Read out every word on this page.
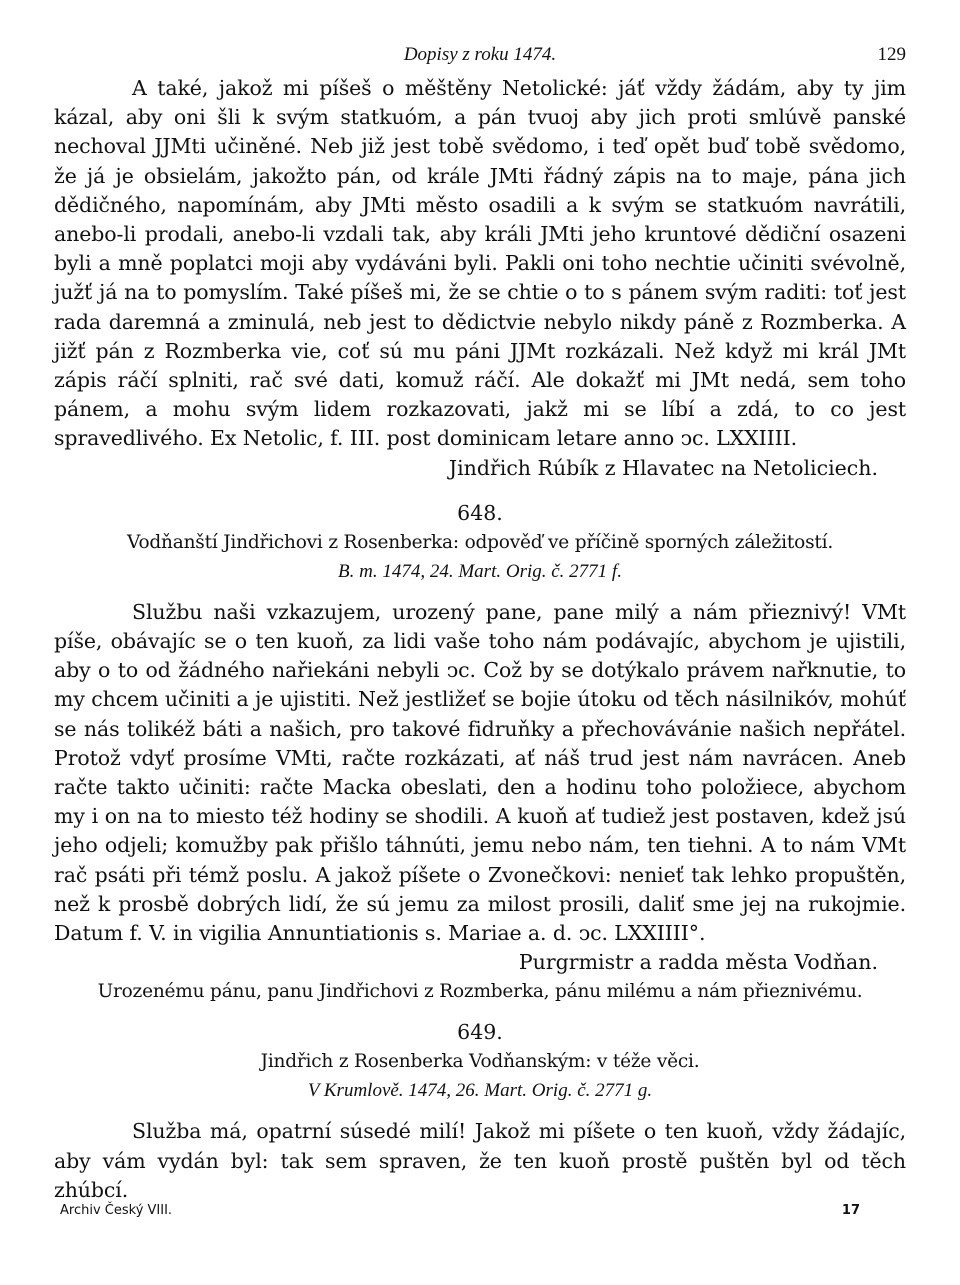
Dopisy z roku 1474.	129

A také, jakož mi píšeš o měštěny Netolické: jáť vždy žádám, aby ty jim kázal, aby oni šli k svým statkuóm, a pán tvuoj aby jich proti smlúvě panské nechoval JJMti učiněné. Neb již jest tobě svědomo, i teď opět buď tobě svědomo, že já je obsielám, jakožto pán, od krále JMti řádný zápis na to maje, pána jich dědičného, napomínám, aby JMti město osadili a k svým se statkuóm navrátili, anebo-li prodali, anebo-li vzdali tak, aby králi JMti jeho kruntové dědiční osazeni byli a mně poplatci moji aby vydáváni byli. Pakli oni toho nechtie učiniti svévolně, južť já na to pomyslím. Také píšeš mi, že se chtie o to s pánem svým raditi: toť jest rada daremná a zminulá, neb jest to dědictvie nebylo nikdy páně z Rozmberka. A jižť pán z Rozmberka vie, coť sú mu páni JJMt rozkázali. Než když mi král JMt zápis ráčí splniti, rač své dati, komuž ráčí. Ale dokažť mi JMt nedá, sem toho pánem, a mohu svým lidem rozkazovati, jakž mi se líbí a zdá, to co jest spravedlivého. Ex Netolic, f. III. post dominicam letare anno ↄc. LXXIIII.

Jindřich Rúbík z Hlavatec na Netoliciech.

648.

Vodňanští Jindřichovi z Rosenberka: odpověď ve příčině sporných záležitostí.

B. m. 1474, 24. Mart. Orig. č. 2771 f.

Službu naši vzkazujem, urozený pane, pane milý a nám přieznivý! VMt píše, obávajíc se o ten kuoň, za lidi vaše toho nám podávajíc, abychom je ujistili, aby o to od žádného nařiekáni nebyli ↄc. Což by se dotýkalo právem nařknutie, to my chcem učiniti a je ujistiti. Než jestližeť se bojie útoku od těch násilnikóv, mohúť se nás tolikéž báti a našich, pro takové fidruňky a přechovávánie našich nepřátel. Protož vdyť prosíme VMti, račte rozkázati, ať náš trud jest nám navrácen. Aneb račte takto učiniti: račte Macka obeslati, den a hodinu toho položiece, abychom my i on na to miesto též hodiny se shodili. A kuoň ať tudiež jest postaven, kdež jsú jeho odjeli; komužby pak přišlo táhnúti, jemu nebo nám, ten tiehni. A to nám VMt rač psáti při témž poslu. A jakož píšete o Zvonečkovi: nenieť tak lehko propuštěn, než k prosbě dobrých lidí, že sú jemu za milost prosili, daliť sme jej na rukojmie. Datum f. V. in vigilia Annuntiationis s. Mariae a. d. ↄc. LXXIIII°.

Purgrmistr a radda města Vodňan.

Urozenému pánu, panu Jindřichovi z Rozmberka, pánu milému a nám přieznivému.

649.

Jindřich z Rosenberka Vodňanským: v téže věci.

V Krumlově. 1474, 26. Mart. Orig. č. 2771 g.

Služba má, opatrní súsedé milí! Jakož mi píšete o ten kuoň, vždy žádajíc, aby vám vydán byl: tak sem spraven, že ten kuoň prostě puštěn byl od těch zhúbcí.

Archiv Český VIII.	17
